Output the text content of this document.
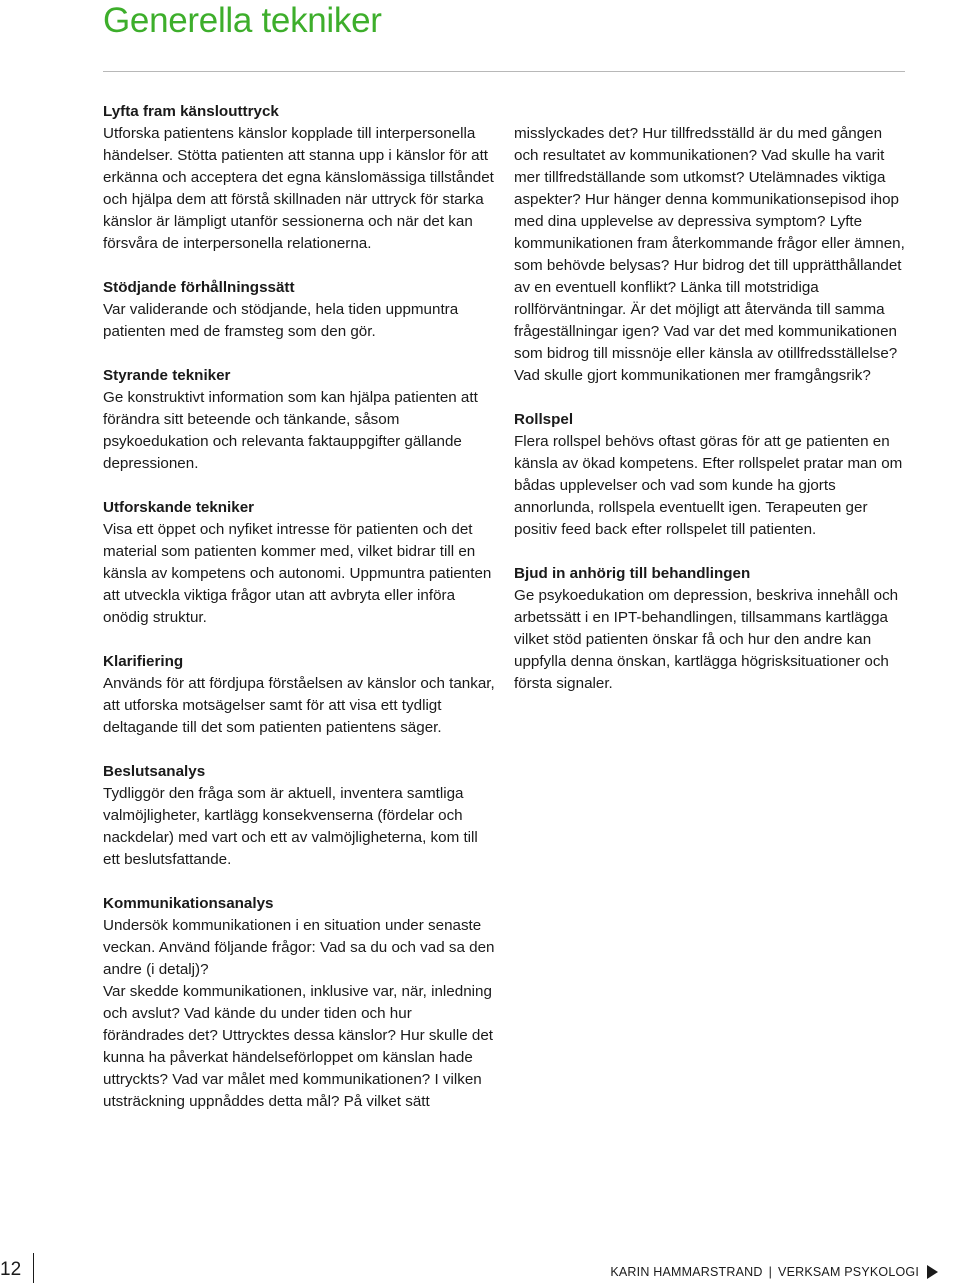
Generella tekniker
Lyfta fram känslouttryck
Utforska patientens känslor kopplade till interpersonella händelser. Stötta patienten att stanna upp i känslor för att erkänna och acceptera det egna känslomässiga tillståndet och hjälpa dem att förstå skillnaden när uttryck för starka känslor är lämpligt utanför sessionerna och när det kan försvåra de interpersonella relationerna.
Stödjande förhållningssätt
Var validerande och stödjande, hela tiden uppmuntra patienten med de framsteg som den gör.
Styrande tekniker
Ge konstruktivt information som kan hjälpa patienten att förändra sitt beteende och tänkande, såsom psykoedukation och relevanta faktauppgifter gällande depressionen.
Utforskande tekniker
Visa ett öppet och nyfiket intresse för patienten och det material som patienten kommer med, vilket bidrar till en känsla av kompetens och autonomi. Uppmuntra patienten att utveckla viktiga frågor utan att avbryta eller införa onödig struktur.
Klarifiering
Används för att fördjupa förståelsen av känslor och tankar, att utforska motsägelser samt för att visa ett tydligt deltagande till det som patienten patientens säger.
Beslutsanalys
Tydliggör den fråga som är aktuell, inventera samtliga valmöjligheter, kartlägg konsekvenserna (fördelar och nackdelar) med vart och ett av valmöjligheterna, kom till ett beslutsfattande.
Kommunikationsanalys
Undersök kommunikationen i en situation under senaste veckan. Använd följande frågor: Vad sa du och vad sa den andre (i detalj)?
Var skedde kommunikationen, inklusive var, när, inledning och avslut? Vad kände du under tiden och hur förändrades det? Uttrycktes dessa känslor? Hur skulle det kunna ha påverkat händelseförloppet om känslan hade uttryckts? Vad var målet med kommunikationen? I vilken utsträckning uppnåddes detta mål? På vilket sätt
misslyckades det? Hur tillfredsställd är du med gången och resultatet av kommunikationen? Vad skulle ha varit mer tillfredställande som utkomst? Utelämnades viktiga aspekter? Hur hänger denna kommunikationsepisod ihop med dina upplevelse av depressiva symptom? Lyfte kommunikationen fram återkommande frågor eller ämnen, som behövde belysas? Hur bidrog det till upprätthållandet av en eventuell konflikt? Länka till motstridiga rollförväntningar. Är det möjligt att återvända till samma frågeställningar igen? Vad var det med kommunikationen som bidrog till missnöje eller känsla av otillfredsställelse? Vad skulle gjort kommunikationen mer framgångsrik?
Rollspel
Flera rollspel behövs oftast göras för att ge patienten en känsla av ökad kompetens. Efter rollspelet pratar man om bådas upplevelser och vad som kunde ha gjorts annorlunda, rollspela eventuellt igen. Terapeuten ger positiv feed back efter rollspelet till patienten.
Bjud in anhörig till behandlingen
Ge psykoedukation om depression, beskriva innehåll och arbetssätt i en IPT-behandlingen, tillsammans kartlägga vilket stöd patienten önskar få och hur den andre kan uppfylla denna önskan, kartlägga högrisksituationer och första signaler.
12	KARIN HAMMARSTRAND | VERKSAM PSYKOLOGI
